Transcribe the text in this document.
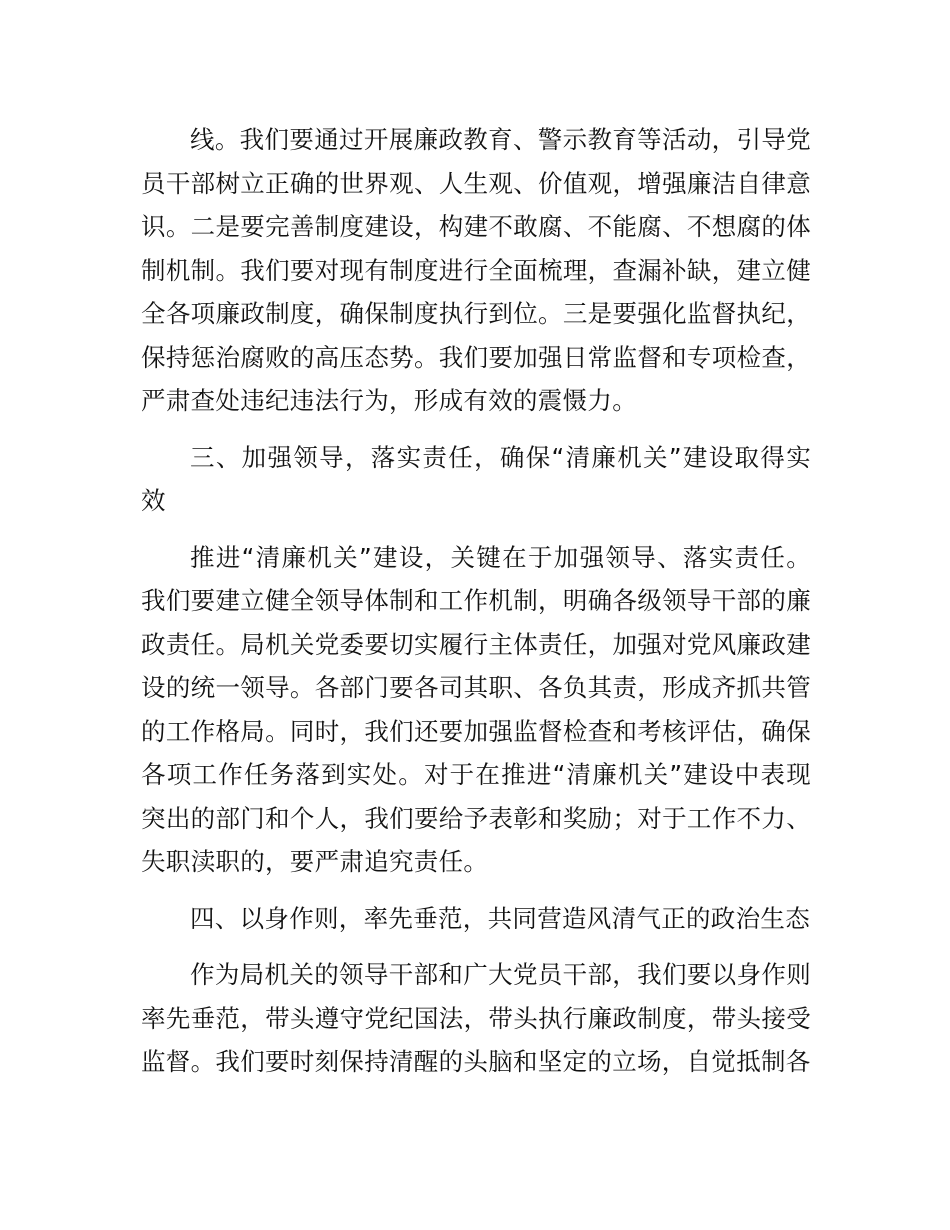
线。我们要通过开展廉政教育、警示教育等活动，引导党员干部树立正确的世界观、人生观、价值观，增强廉洁自律意识。二是要完善制度建设，构建不敢腐、不能腐、不想腐的体制机制。我们要对现有制度进行全面梳理，查漏补缺，建立健全各项廉政制度，确保制度执行到位。三是要强化监督执纪，保持惩治腐败的高压态势。我们要加强日常监督和专项检查，严肃查处违纪违法行为，形成有效的震慑力。

三、加强领导，落实责任，确保“清廉机关”建设取得实效

推进“清廉机关”建设，关键在于加强领导、落实责任。我们要建立健全领导体制和工作机制，明确各级领导干部的廉政责任。局机关党委要切实履行主体责任，加强对党风廉政建设的统一领导。各部门要各司其职、各负其责，形成齐抓共管的工作格局。同时，我们还要加强监督检查和考核评估，确保各项工作任务落到实处。对于在推进“清廉机关”建设中表现突出的部门和个人，我们要给予表彰和奖励；对于工作不力、失职渎职的，要严肃追究责任。

四、以身作则，率先垂范，共同营造风清气正的政治生态

作为局机关的领导干部和广大党员干部，我们要以身作则率先垂范，带头遵守党纪国法，带头执行廉政制度，带头接受监督。我们要时刻保持清醒的头脑和坚定的立场，自觉抵制各
